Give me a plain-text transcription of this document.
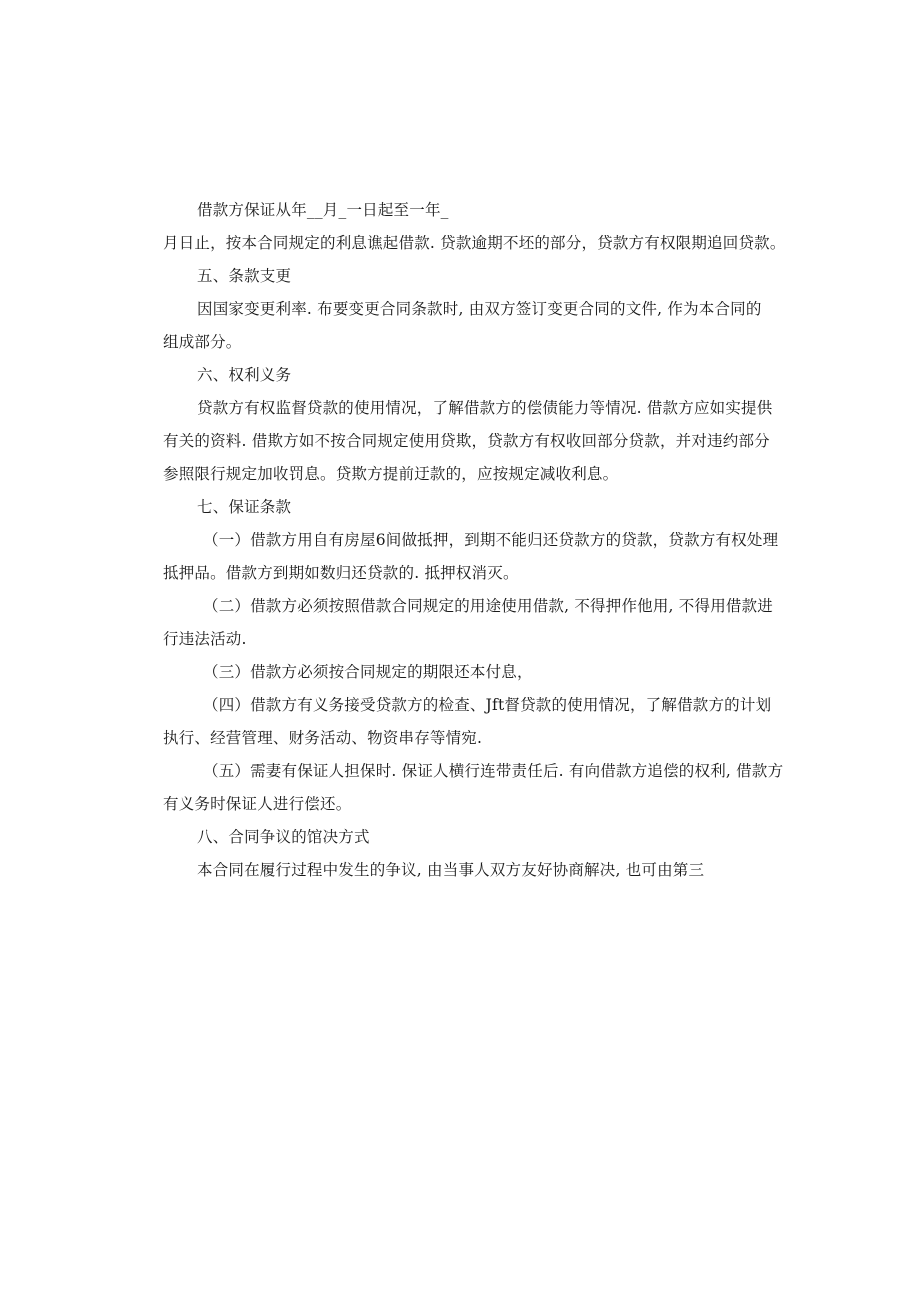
借款方保证从年__月_一日起至一年_
月日止，按本合同规定的利息谯起借款. 贷款逾期不坯的部分，贷款方有权限期追回贷款。
五、条款支更
因国家变更利率. 布要变更合同条款时, 由双方签订变更合同的文件, 作为本合同的
组成部分。
六、权利义务
贷款方有权监督贷款的使用情况，了解借款方的偿债能力等情况. 借款方应如实提供
有关的资料. 借欺方如不按合同规定使用贷欺，贷款方有权收回部分贷款，并对违约部分
参照限行规定加收罚息。贷欺方提前迂款的，应按规定减收利息。
七、保证条款
（一）借款方用自有房屋6间做抵押，到期不能归还贷款方的贷款，贷款方有权处理
抵押品。借款方到期如数归还贷款的. 抵押权消灭。
（二）借款方必须按照借款合同规定的用途使用借款, 不得押作他用, 不得用借款进
行违法活动.
（三）借款方必须按合同规定的期限还本付息，
（四）借款方有义务接受贷款方的检查、Jft督贷款的使用情况，了解借款方的计划
执行、经营管理、财务活动、物资串存等情宛.
（五）需妻有保证人担保时. 保证人横行连带责任后. 有向借款方追偿的权利, 借款方
有义务时保证人进行偿还。
八、合同争议的馆决方式
本合同在履行过程中发生的争议, 由当事人双方友好协商解决, 也可由第三
